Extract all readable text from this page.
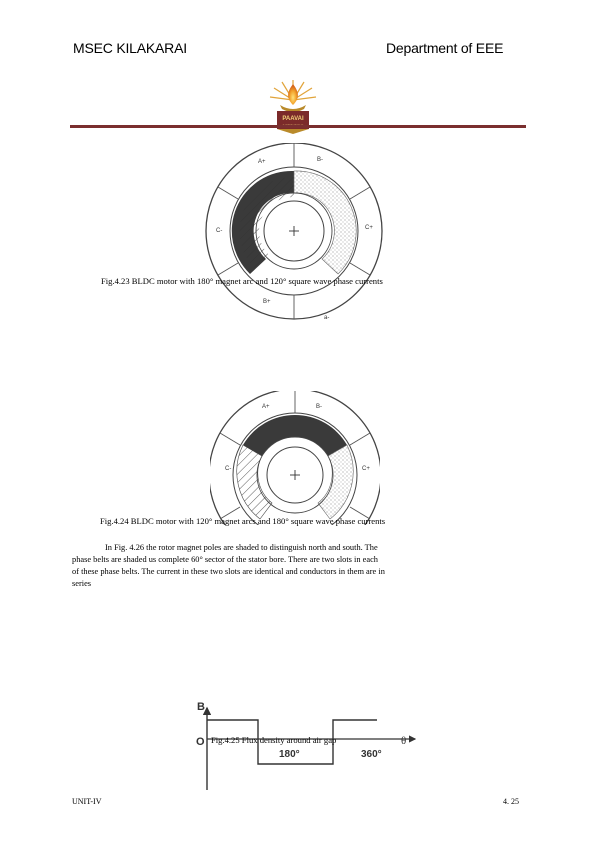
MSEC KILAKARAI	Department of EEE
PAAVAI
A+	B-
C+
C-
B+
a-
Fig.4.23 BLDC motor with 180° magnet arc and 120° square wave phase currents
A+	B-
C+
C-
Fig.4.24 BLDC motor with 120° magnet arcs and 180° square wave phase currents
In Fig. 4.26 the rotor magnet poles are shaded to distinguish north and south. The
phase belts are shaded us complete 60° sector of the stator bore. There are two slots in each
of these phase belts. The current in these two slots are identical and conductors in them are in
series
B
O	θ
180°	360°
Fig.4.25 Flux density around air gap
UNIT-IV	4. 25
